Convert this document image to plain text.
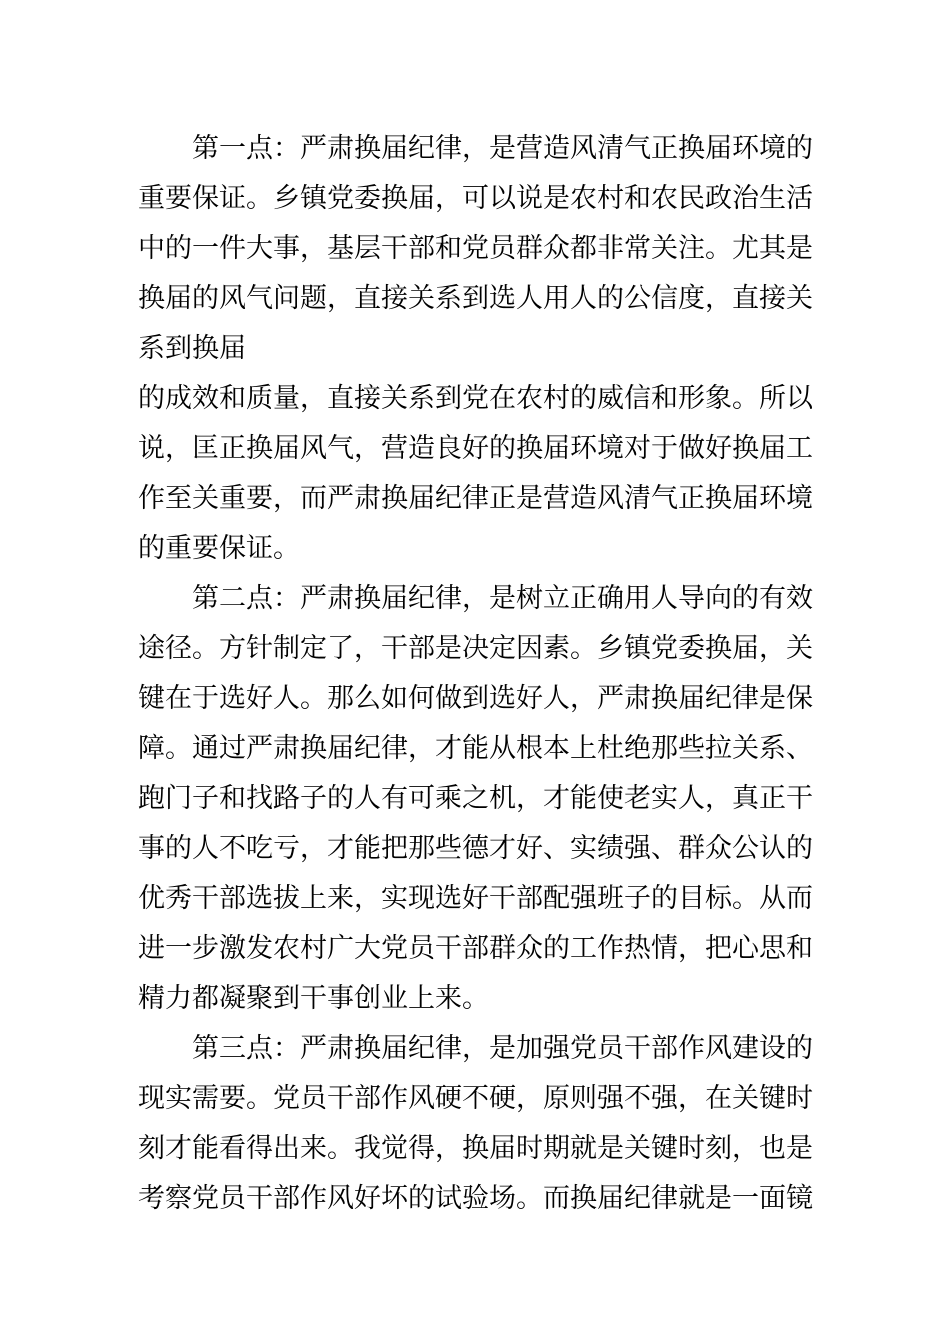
第一点：严肃换届纪律，是营造风清气正换届环境的
重要保证。乡镇党委换届，可以说是农村和农民政治生活
中的一件大事，基层干部和党员群众都非常关注。尤其是
换届的风气问题，直接关系到选人用人的公信度，直接关
系到换届
的成效和质量，直接关系到党在农村的威信和形象。所以
说，匡正换届风气，营造良好的换届环境对于做好换届工
作至关重要，而严肃换届纪律正是营造风清气正换届环境
的重要保证。
第二点：严肃换届纪律，是树立正确用人导向的有效
途径。方针制定了，干部是决定因素。乡镇党委换届，关
键在于选好人。那么如何做到选好人，严肃换届纪律是保
障。通过严肃换届纪律，才能从根本上杜绝那些拉关系、
跑门子和找路子的人有可乘之机，才能使老实人，真正干
事的人不吃亏，才能把那些德才好、实绩强、群众公认的
优秀干部选拔上来，实现选好干部配强班子的目标。从而
进一步激发农村广大党员干部群众的工作热情，把心思和
精力都凝聚到干事创业上来。
第三点：严肃换届纪律，是加强党员干部作风建设的
现实需要。党员干部作风硬不硬，原则强不强，在关键时
刻才能看得出来。我觉得，换届时期就是关键时刻，也是
考察党员干部作风好坏的试验场。而换届纪律就是一面镜
